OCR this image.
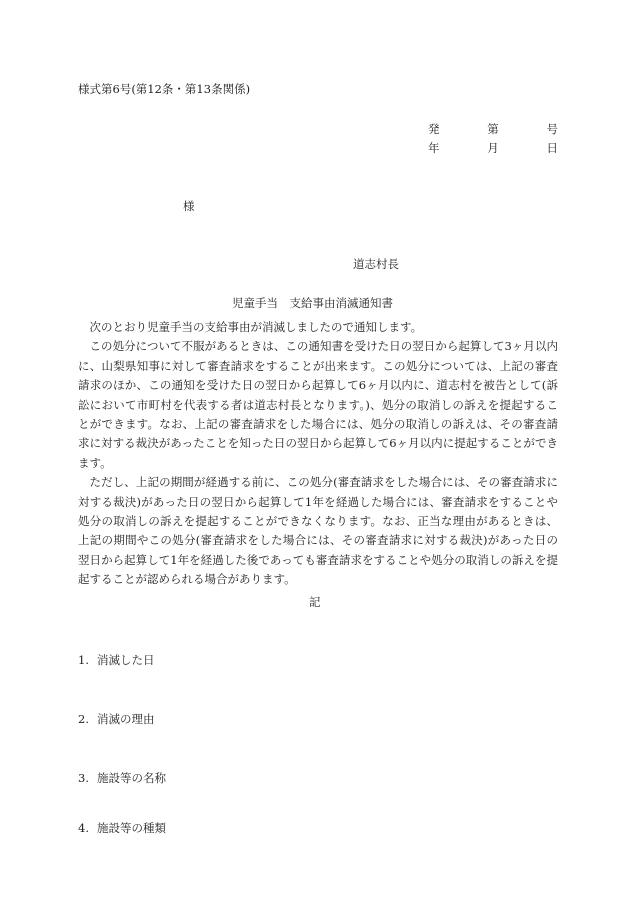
様式第6号(第12条・第13条関係)
発	第	号
年	月	日
様
道志村長
児童手当　支給事由消滅通知書

次のとおり児童手当の支給事由が消滅しましたので通知します。

この処分について不服があるときは、この通知書を受けた日の翌日から起算して3ヶ月以内に、山梨県知事に対して審査請求をすることが出来ます。この処分については、上記の審査請求のほか、この通知を受けた日の翌日から起算して6ヶ月以内に、道志村を被告として(訴訟において市町村を代表する者は道志村長となります。)、処分の取消しの訴えを提起することができます。なお、上記の審査請求をした場合には、処分の取消しの訴えは、その審査請求に対する裁決があったことを知った日の翌日から起算して6ヶ月以内に提起することができます。

ただし、上記の期間が経過する前に、この処分(審査請求をした場合には、その審査請求に対する裁決)があった日の翌日から起算して1年を経過した場合には、審査請求をすることや処分の取消しの訴えを提起することができなくなります。なお、正当な理由があるときは、上記の期間やこの処分(審査請求をした場合には、その審査請求に対する裁決)があった日の翌日から起算して1年を経過した後であっても審査請求をすることや処分の取消しの訴えを提起することが認められる場合があります。

記
1. 消滅した日
2. 消滅の理由
3. 施設等の名称
4. 施設等の種類
